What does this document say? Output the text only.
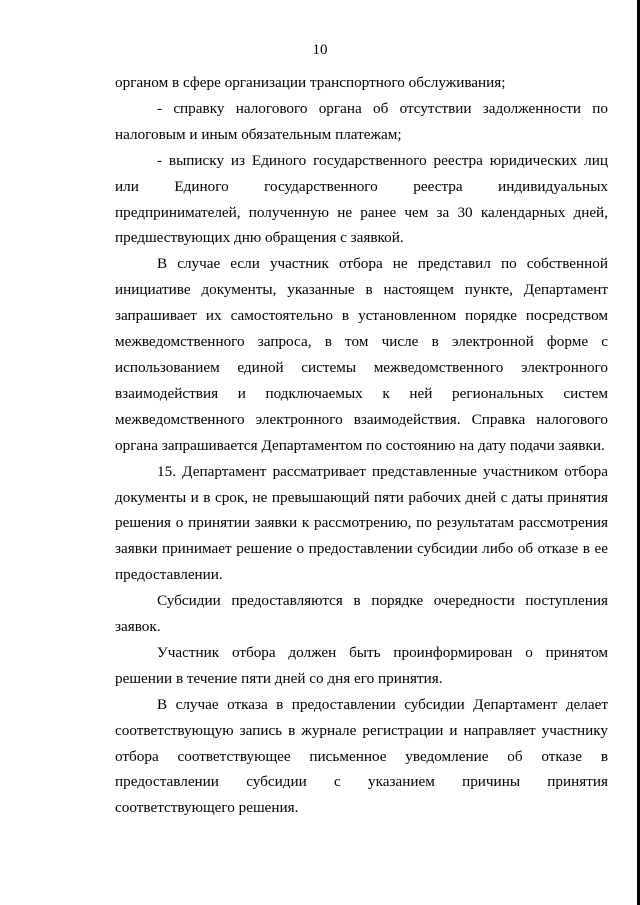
10

органом в сфере организации транспортного обслуживания;

- справку налогового органа об отсутствии задолженности по налоговым и иным обязательным платежам;

- выписку из Единого государственного реестра юридических лиц или Единого государственного реестра индивидуальных предпринимателей, полученную не ранее чем за 30 календарных дней, предшествующих дню обращения с заявкой.

В случае если участник отбора не представил по собственной инициативе документы, указанные в настоящем пункте, Департамент запрашивает их самостоятельно в установленном порядке посредством межведомственного запроса, в том числе в электронной форме с использованием единой системы межведомственного электронного взаимодействия и подключаемых к ней региональных систем межведомственного электронного взаимодействия. Справка налогового органа запрашивается Департаментом по состоянию на дату подачи заявки.

15. Департамент рассматривает представленные участником отбора документы и в срок, не превышающий пяти рабочих дней с даты принятия решения о принятии заявки к рассмотрению, по результатам рассмотрения заявки принимает решение о предоставлении субсидии либо об отказе в ее предоставлении.

Субсидии предоставляются в порядке очередности поступления заявок.

Участник отбора должен быть проинформирован о принятом решении в течение пяти дней со дня его принятия.

В случае отказа в предоставлении субсидии Департамент делает соответствующую запись в журнале регистрации и направляет участнику отбора соответствующее письменное уведомление об отказе в предоставлении субсидии с указанием причины принятия соответствующего решения.
